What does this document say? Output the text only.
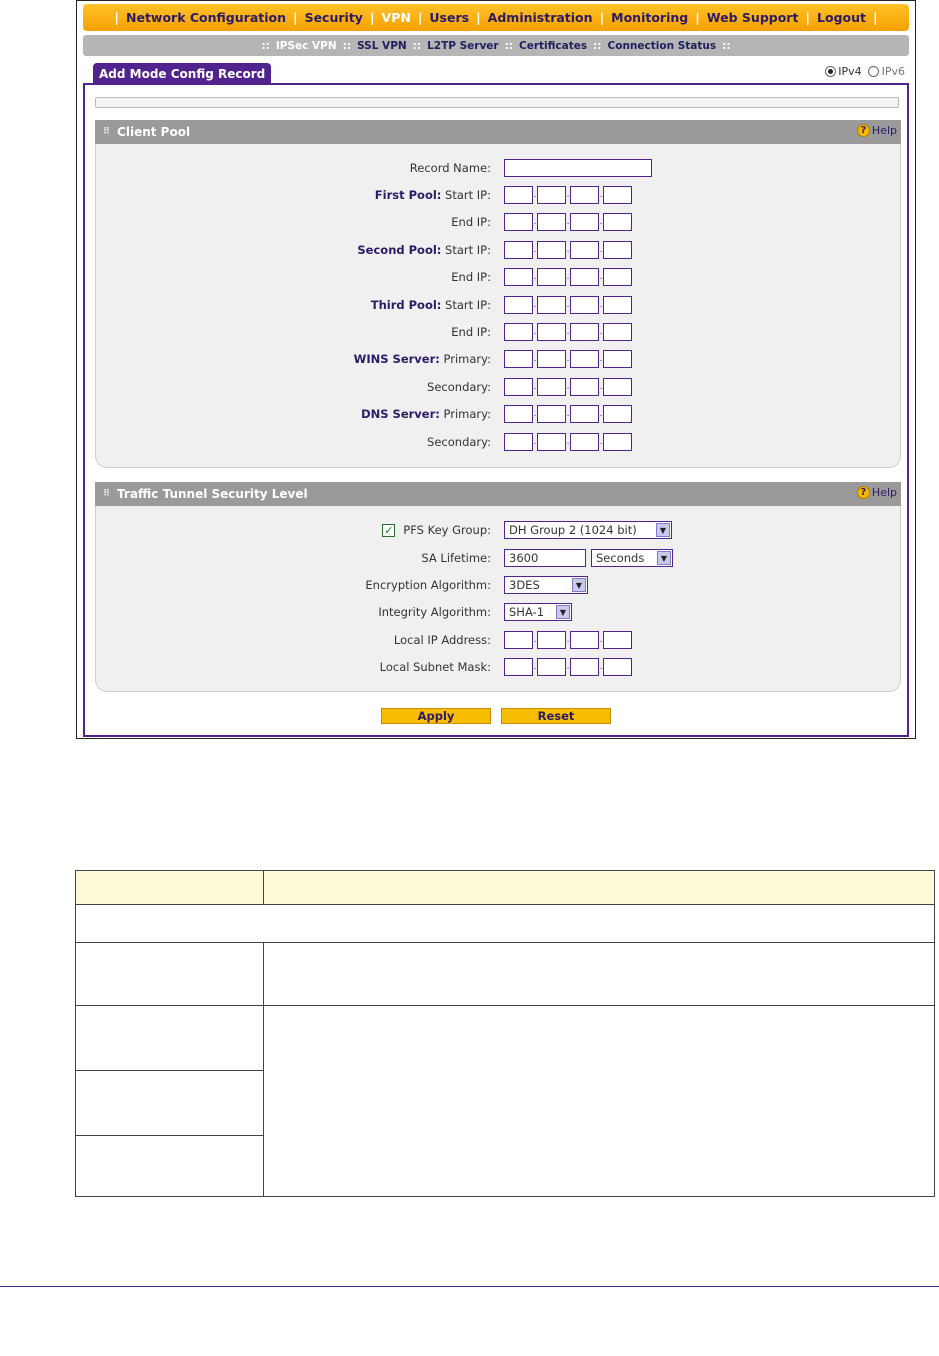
| Network Configuration | Security | VPN | Users | Administration | Monitoring | Web Support | Logout |
:: IPSec VPN :: SSL VPN :: L2TP Server :: Certificates :: Connection Status ::
Add Mode Config Record	IPv4 IPv6
⠿ Client Pool	? Help
Record Name:
First Pool: Start IP:	.	.	.
End IP:	.	.	.
Second Pool: Start IP:	.	.	.
End IP:	.	.	.
Third Pool: Start IP:	.	.	.
End IP:	.	.	.
WINS Server: Primary:	.	.	.
Secondary:	.	.	.
DNS Server: Primary:	.	.	.
Secondary:	.	.	.
⠿ Traffic Tunnel Security Level	? Help
✓ PFS Key Group: DH Group 2 (1024 bit)	▼
SA Lifetime:	3600	Seconds	▼
Encryption Algorithm: 3DES	▼
Integrity Algorithm: SHA-1	▼
Local IP Address:	.	.	.
Local Subnet Mask:	.	.	.
Apply	Reset
